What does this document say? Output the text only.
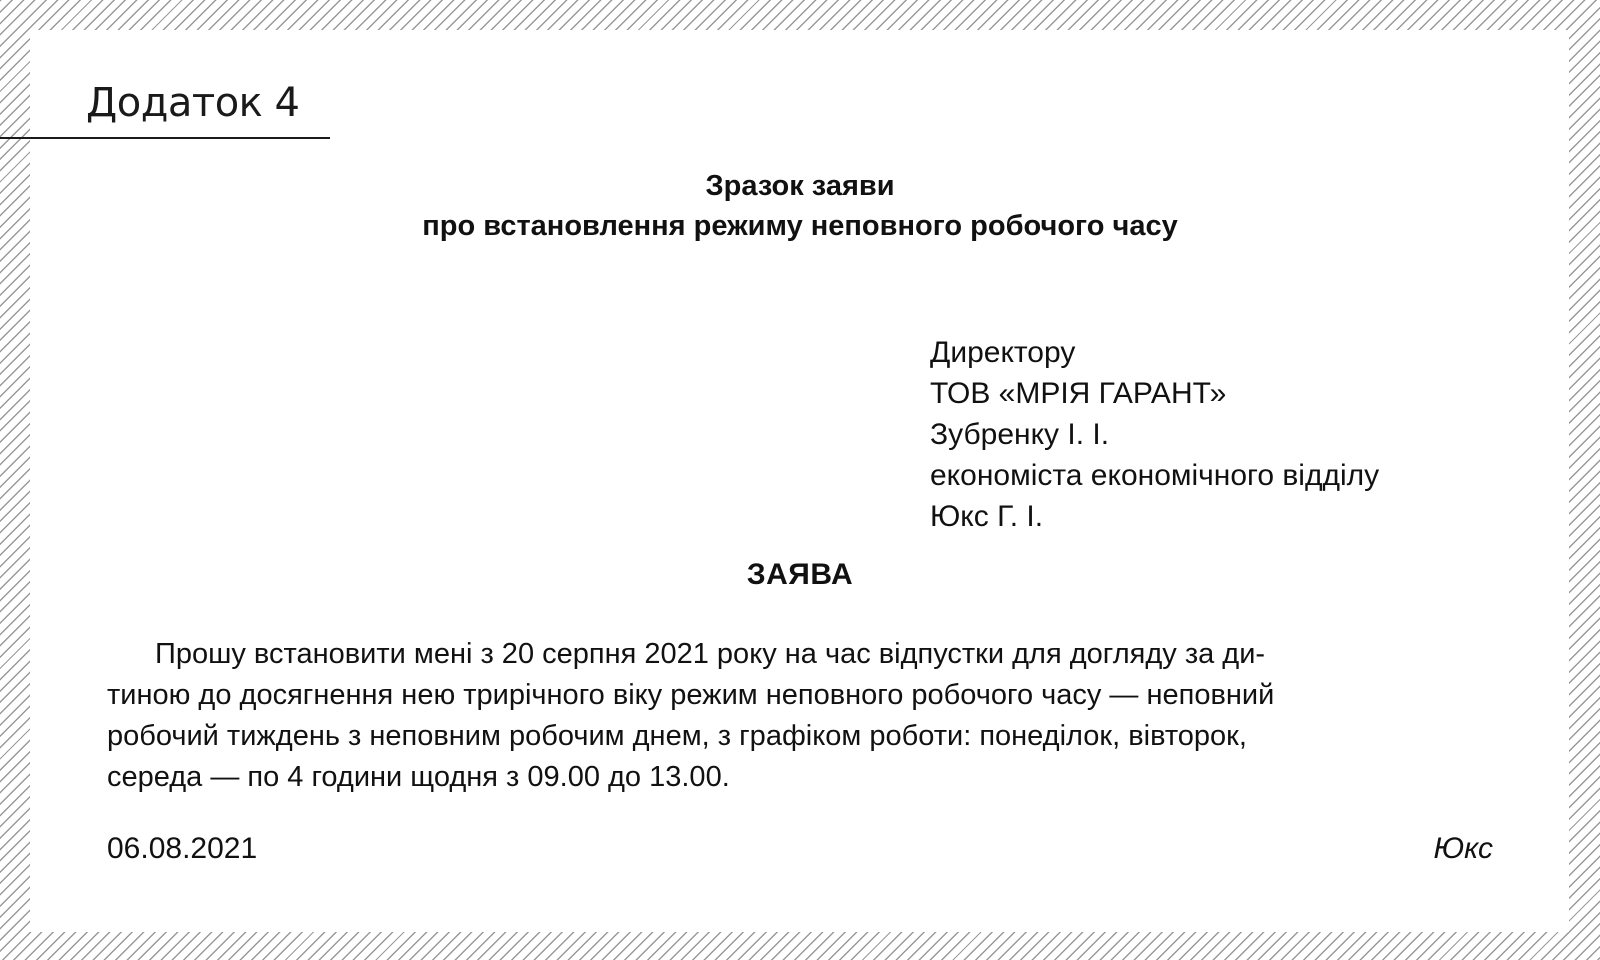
Додаток 4
Зразок заяви
про встановлення режиму неповного робочого часу
Директору
ТОВ «МРІЯ ГАРАНТ»
Зубренку І. І.
економіста економічного відділу
Юкс Г. І.
ЗАЯВА
Прошу встановити мені з 20 серпня 2021 року на час відпустки для догляду за ди-
тиною до досягнення нею трирічного віку режим неповного робочого часу — неповний
робочий тиждень з неповним робочим днем, з графіком роботи: понеділок, вівторок,
середа — по 4 години щодня з 09.00 до 13.00.
06.08.2021	Юкс
